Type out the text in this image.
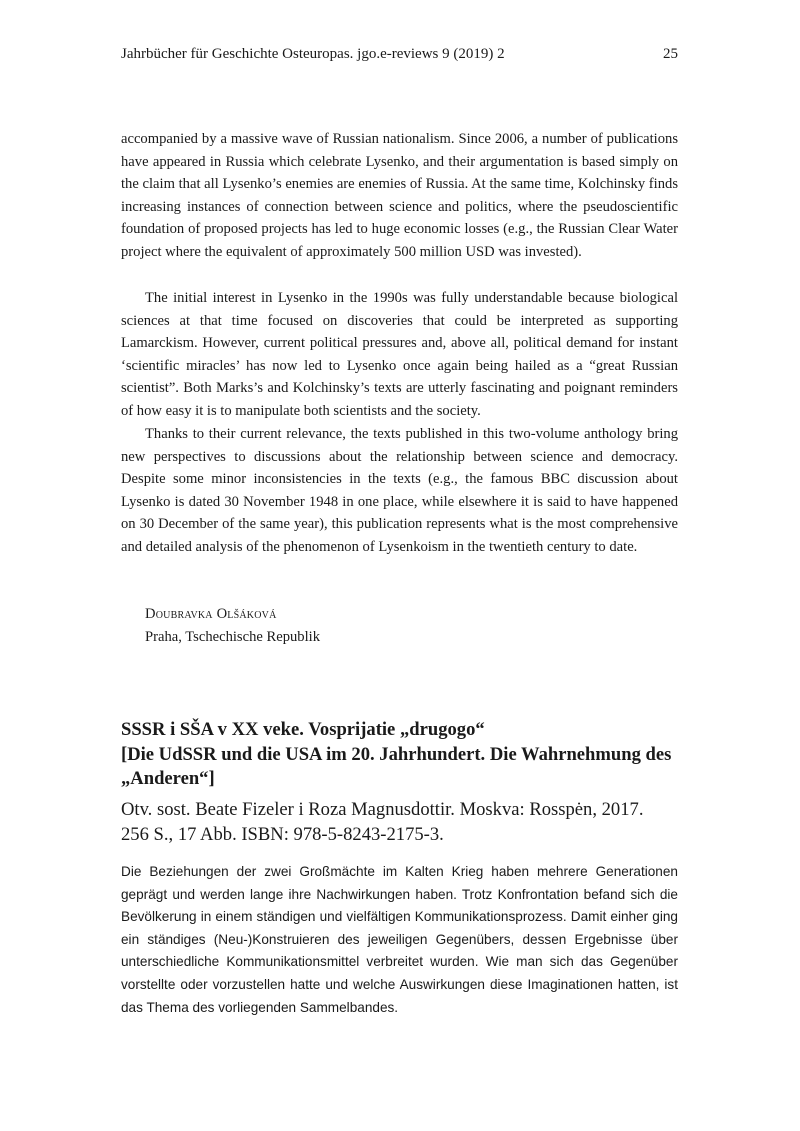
Jahrbücher für Geschichte Osteuropas. jgo.e-reviews 9 (2019) 2	25

accompanied by a massive wave of Russian nationalism. Since 2006, a number of publications have appeared in Russia which celebrate Lysenko, and their argumentation is based simply on the claim that all Lysenko’s enemies are enemies of Russia. At the same time, Kolchinsky finds increasing instances of connection between science and politics, where the pseudoscientific foundation of proposed projects has led to huge economic losses (e.g., the Russian Clear Water project where the equivalent of approximately 500 million USD was invested).

The initial interest in Lysenko in the 1990s was fully understandable because biological sciences at that time focused on discoveries that could be interpreted as supporting Lamarckism. However, current political pressures and, above all, political demand for instant ‘scientific miracles’ has now led to Lysenko once again being hailed as a “great Russian scientist”. Both Marks’s and Kolchinsky’s texts are utterly fascinating and poignant reminders of how easy it is to manipulate both scientists and the society.

Thanks to their current relevance, the texts published in this two-volume anthology bring new perspectives to discussions about the relationship between science and democracy. Despite some minor inconsistencies in the texts (e.g., the famous BBC discussion about Lysenko is dated 30 November 1948 in one place, while elsewhere it is said to have happened on 30 December of the same year), this publication represents what is the most comprehensive and detailed analysis of the phenomenon of Lysenkoism in the twentieth century to date.

Doubravka Olšáková
Praha, Tschechische Republik
SSSR i SŠA v XX veke. Vosprijatie „drugogo“
[Die UdSSR und die USA im 20. Jahrhundert. Die Wahrnehmung des
„Anderen“]
Otv. sost. Beate Fizeler i Roza Magnusdottir. Moskva: Rosspėn, 2017.
256 S., 17 Abb. ISBN: 978-5-8243-2175-3.

Die Beziehungen der zwei Großmächte im Kalten Krieg haben mehrere Generationen geprägt und werden lange ihre Nachwirkungen haben. Trotz Konfrontation befand sich die Bevölkerung in einem ständigen und vielfältigen Kommunikationsprozess. Damit einher ging ein ständiges (Neu-)Konstruieren des jeweiligen Gegenübers, dessen Ergebnisse über unterschiedliche Kommunikationsmittel verbreitet wurden. Wie man sich das Gegenüber vorstellte oder vorzustellen hatte und welche Auswirkungen diese Imaginationen hatten, ist das Thema des vorliegenden Sammelbandes.
